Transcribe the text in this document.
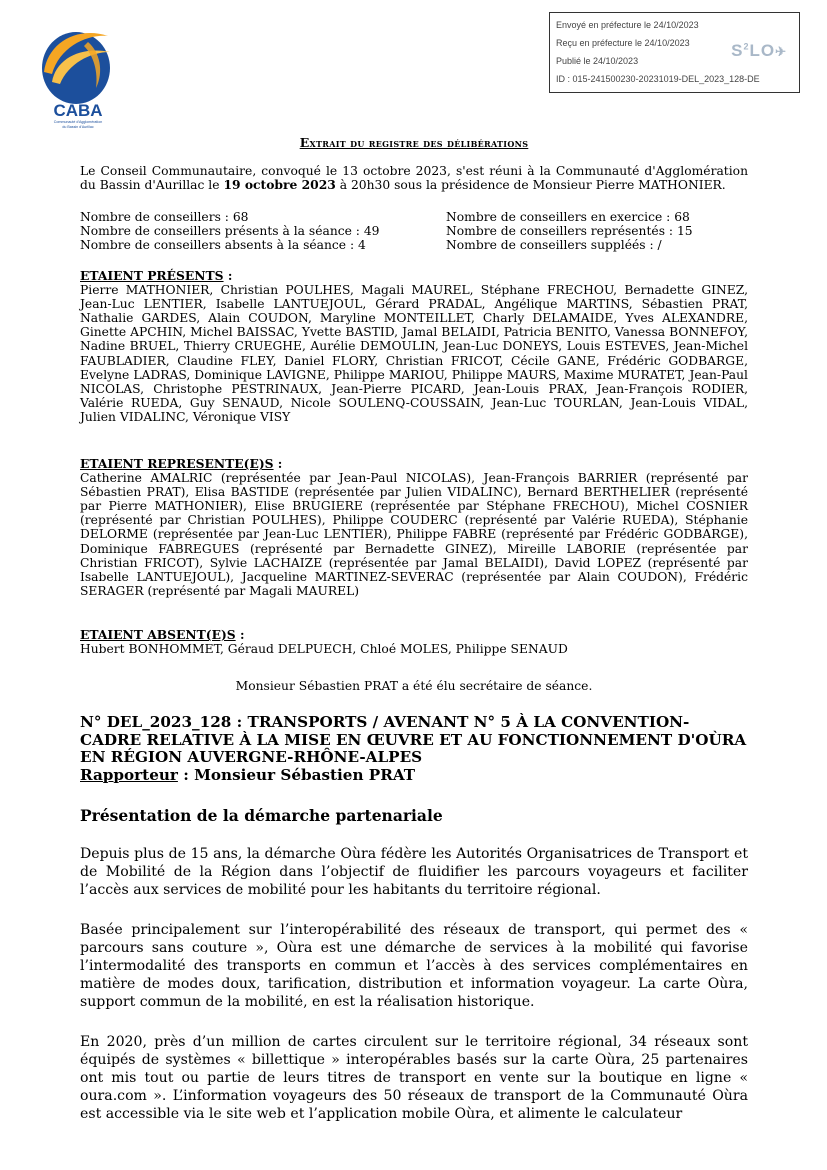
CABA
Communauté d'Agglomération
du Bassin d'Aurillac
Envoyé en préfecture le 24/10/2023
Reçu en préfecture le 24/10/2023
Publié le 24/10/2023
ID : 015-241500230-20231019-DEL_2023_128-DE
$S^2LO✈$
Extrait du registre des délibérations
Le Conseil Communautaire, convoqué le 13 octobre 2023, s'est réuni à la Communauté d'Agglomération du Bassin d'Aurillac le 19 octobre 2023 à 20h30 sous la présidence de Monsieur Pierre MATHONIER.
Nombre de conseillers : 68
Nombre de conseillers présents à la séance : 49
Nombre de conseillers absents à la séance : 4
Nombre de conseillers en exercice : 68
Nombre de conseillers représentés : 15
Nombre de conseillers suppléés : /
ETAIENT PRÉSENTS :
Pierre MATHONIER, Christian POULHES, Magali MAUREL, Stéphane FRECHOU, Bernadette GINEZ, Jean-Luc LENTIER, Isabelle LANTUEJOUL, Gérard PRADAL, Angélique MARTINS, Sébastien PRAT, Nathalie GARDES, Alain COUDON, Maryline MONTEILLET, Charly DELAMAIDE, Yves ALEXANDRE, Ginette APCHIN, Michel BAISSAC, Yvette BASTID, Jamal BELAIDI, Patricia BENITO, Vanessa BONNEFOY, Nadine BRUEL, Thierry CRUEGHE, Aurélie DEMOULIN, Jean-Luc DONEYS, Louis ESTEVES, Jean-Michel FAUBLADIER, Claudine FLEY, Daniel FLORY, Christian FRICOT, Cécile GANE, Frédéric GODBARGE, Evelyne LADRAS, Dominique LAVIGNE, Philippe MARIOU, Philippe MAURS, Maxime MURATET, Jean-Paul NICOLAS, Christophe PESTRINAUX, Jean-Pierre PICARD, Jean-Louis PRAX, Jean-François RODIER, Valérie RUEDA, Guy SENAUD, Nicole SOULENQ-COUSSAIN, Jean-Luc TOURLAN, Jean-Louis VIDAL, Julien VIDALINC, Véronique VISY
ETAIENT REPRESENTE(E)S :
Catherine AMALRIC (représentée par Jean-Paul NICOLAS), Jean-François BARRIER (représenté par Sébastien PRAT), Elisa BASTIDE (représentée par Julien VIDALINC), Bernard BERTHELIER (représenté par Pierre MATHONIER), Elise BRUGIERE (représentée par Stéphane FRECHOU), Michel COSNIER (représenté par Christian POULHES), Philippe COUDERC (représenté par Valérie RUEDA), Stéphanie DELORME (représentée par Jean-Luc LENTIER), Philippe FABRE (représenté par Frédéric GODBARGE), Dominique FABREGUES (représenté par Bernadette GINEZ), Mireille LABORIE (représentée par Christian FRICOT), Sylvie LACHAIZE (représentée par Jamal BELAIDI), David LOPEZ (représenté par Isabelle LANTUEJOUL), Jacqueline MARTINEZ-SEVERAC (représentée par Alain COUDON), Frédéric SERAGER (représenté par Magali MAUREL)
ETAIENT ABSENT(E)S :
Hubert BONHOMMET, Géraud DELPUECH, Chloé MOLES, Philippe SENAUD
Monsieur Sébastien PRAT a été élu secrétaire de séance.
N° DEL_2023_128 : TRANSPORTS / AVENANT N° 5 À LA CONVENTION-CADRE RELATIVE À LA MISE EN ŒUVRE ET AU FONCTIONNEMENT D'OÙRA EN RÉGION AUVERGNE-RHÔNE-ALPES
Rapporteur : Monsieur Sébastien PRAT
Présentation de la démarche partenariale
Depuis plus de 15 ans, la démarche Oùra fédère les Autorités Organisatrices de Transport et de Mobilité de la Région dans l’objectif de fluidifier les parcours voyageurs et faciliter l’accès aux services de mobilité pour les habitants du territoire régional.
Basée principalement sur l’interopérabilité des réseaux de transport, qui permet des « parcours sans couture », Oùra est une démarche de services à la mobilité qui favorise l’intermodalité des transports en commun et l’accès à des services complémentaires en matière de modes doux, tarification, distribution et information voyageur. La carte Oùra, support commun de la mobilité, en est la réalisation historique.
En 2020, près d’un million de cartes circulent sur le territoire régional, 34 réseaux sont équipés de systèmes « billettique » interopérables basés sur la carte Oùra, 25 partenaires ont mis tout ou partie de leurs titres de transport en vente sur la boutique en ligne « oura.com ». L’information voyageurs des 50 réseaux de transport de la Communauté Oùra est accessible via le site web et l’application mobile Oùra, et alimente le calculateur
